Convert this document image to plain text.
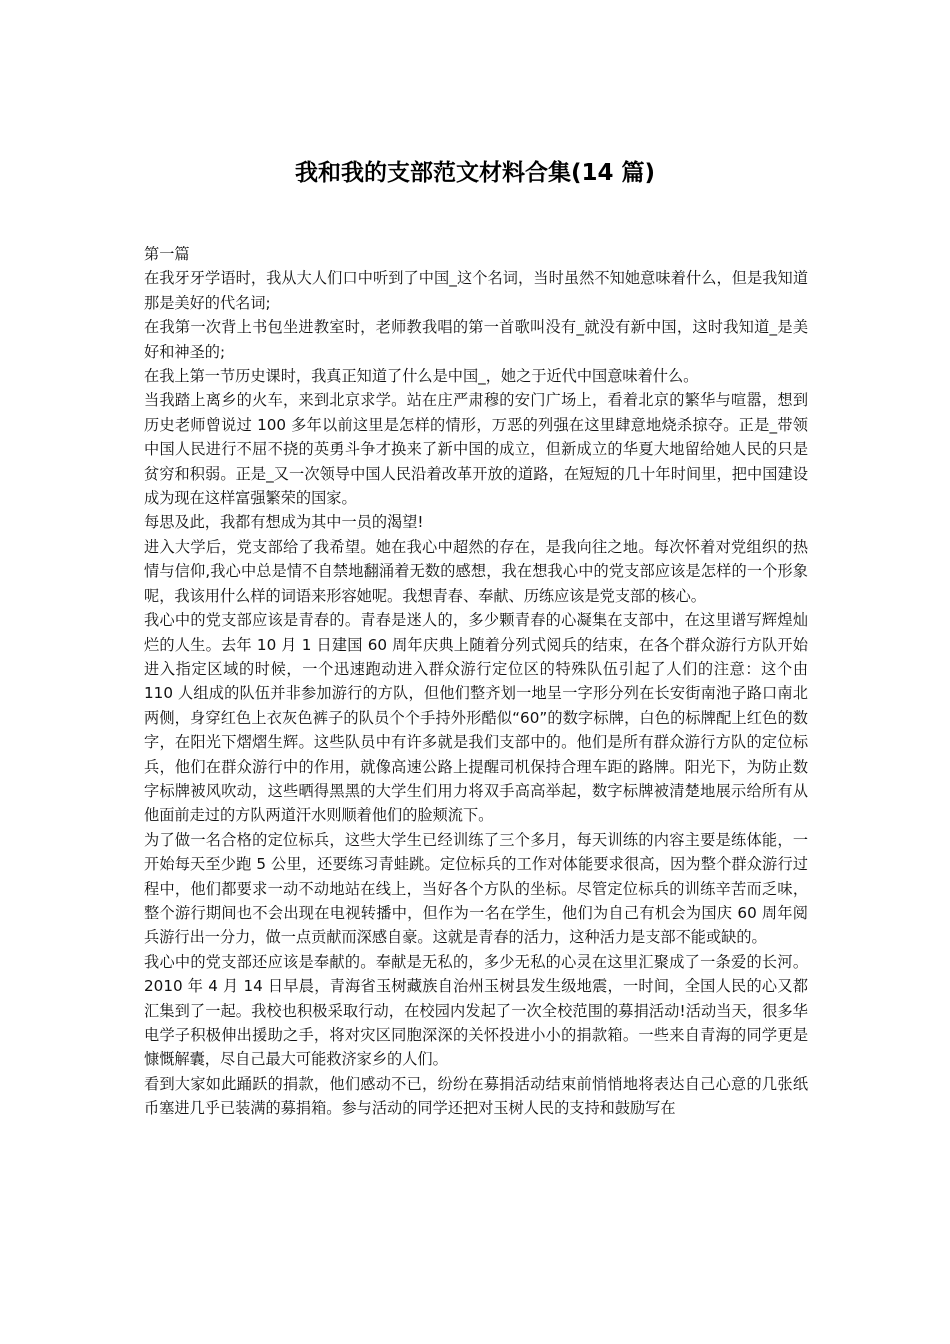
我和我的支部范文材料合集(14 篇)

第一篇

在我牙牙学语时，我从大人们口中听到了中国_这个名词，当时虽然不知她意味着什么，但是我知道那是美好的代名词;

在我第一次背上书包坐进教室时，老师教我唱的第一首歌叫没有_就没有新中国，这时我知道_是美好和神圣的;

在我上第一节历史课时，我真正知道了什么是中国_，她之于近代中国意味着什么。

当我踏上离乡的火车，来到北京求学。站在庄严肃穆的安门广场上，看着北京的繁华与喧嚣，想到历史老师曾说过 100 多年以前这里是怎样的情形，万恶的列强在这里肆意地烧杀掠夺。正是_带领中国人民进行不屈不挠的英勇斗争才换来了新中国的成立，但新成立的华夏大地留给她人民的只是贫穷和积弱。正是_又一次领导中国人民沿着改革开放的道路，在短短的几十年时间里，把中国建设成为现在这样富强繁荣的国家。

每思及此，我都有想成为其中一员的渴望!

进入大学后，党支部给了我希望。她在我心中超然的存在，是我向往之地。每次怀着对党组织的热情与信仰,我心中总是情不自禁地翻涌着无数的感想，我在想我心中的党支部应该是怎样的一个形象呢，我该用什么样的词语来形容她呢。我想青春、奉献、历练应该是党支部的核心。

我心中的党支部应该是青春的。青春是迷人的，多少颗青春的心凝集在支部中，在这里谱写辉煌灿烂的人生。去年 10 月 1 日建国 60 周年庆典上随着分列式阅兵的结束，在各个群众游行方队开始进入指定区域的时候，一个迅速跑动进入群众游行定位区的特殊队伍引起了人们的注意：这个由 110 人组成的队伍并非参加游行的方队，但他们整齐划一地呈一字形分列在长安街南池子路口南北两侧，身穿红色上衣灰色裤子的队员个个手持外形酷似“60”的数字标牌，白色的标牌配上红色的数字，在阳光下熠熠生辉。这些队员中有许多就是我们支部中的。他们是所有群众游行方队的定位标兵，他们在群众游行中的作用，就像高速公路上提醒司机保持合理车距的路牌。阳光下，为防止数字标牌被风吹动，这些晒得黑黑的大学生们用力将双手高高举起，数字标牌被清楚地展示给所有从他面前走过的方队两道汗水则顺着他们的脸颊流下。

为了做一名合格的定位标兵，这些大学生已经训练了三个多月，每天训练的内容主要是练体能，一开始每天至少跑 5 公里，还要练习青蛙跳。定位标兵的工作对体能要求很高，因为整个群众游行过程中，他们都要求一动不动地站在线上，当好各个方队的坐标。尽管定位标兵的训练辛苦而乏味，整个游行期间也不会出现在电视转播中，但作为一名在学生，他们为自己有机会为国庆 60 周年阅兵游行出一分力，做一点贡献而深感自豪。这就是青春的活力，这种活力是支部不能或缺的。

我心中的党支部还应该是奉献的。奉献是无私的，多少无私的心灵在这里汇聚成了一条爱的长河。2010 年 4 月 14 日早晨，青海省玉树藏族自治州玉树县发生级地震，一时间，全国人民的心又都汇集到了一起。我校也积极采取行动，在校园内发起了一次全校范围的募捐活动!活动当天，很多华电学子积极伸出援助之手，将对灾区同胞深深的关怀投进小小的捐款箱。一些来自青海的同学更是慷慨解囊，尽自己最大可能救济家乡的人们。

看到大家如此踊跃的捐款，他们感动不已，纷纷在募捐活动结束前悄悄地将表达自己心意的几张纸币塞进几乎已装满的募捐箱。参与活动的同学还把对玉树人民的支持和鼓励写在
